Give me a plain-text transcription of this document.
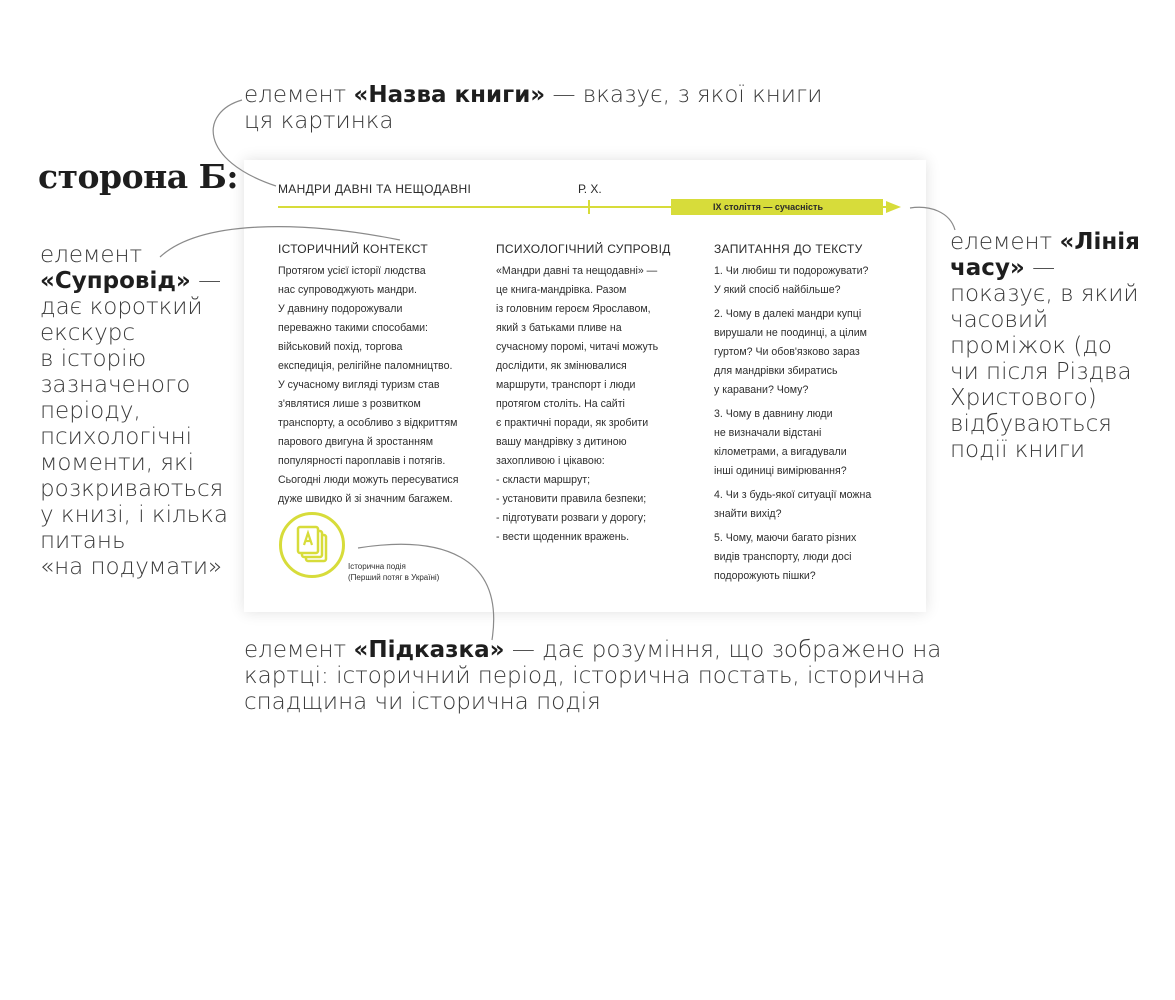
сторона Б:
елемент «Назва книги» — вказує, з якої книги
ця картинка
елемент
«Супровід» —
дає короткий
екскурс
в історію
зазначеного
періоду,
психологічні
моменти, які
розкриваються
у книзі, і кілька
питань
«на подумати»
елемент «Лінія
часу» —
показує, в який
часовий
проміжок (до
чи після Різдва
Христового)
відбуваються
події книги
елемент «Підказка» — дає розуміння, що зображено на
картці: історичний період, історична постать, історична
спадщина чи історична подія
МАНДРИ ДАВНІ ТА НЕЩОДАВНІ	Р. Х.
IX століття — сучасність
ІСТОРИЧНИЙ КОНТЕКСТ
Протягом усієї історії людства
нас супроводжують мандри.
У давнину подорожували
переважно такими способами:
військовий похід, торгова
експедиція, релігійне паломництво.
У сучасному вигляді туризм став
з'являтися лише з розвитком
транспорту, а особливо з відкриттям
парового двигуна й зростанням
популярності пароплавів і потягів.
Сьогодні люди можуть пересуватися
дуже швидко й зі значним багажем.
ПСИХОЛОГІЧНИЙ СУПРОВІД
«Мандри давні та нещодавні» —
це книга-мандрівка. Разом
із головним героєм Ярославом,
який з батьками пливе на
сучасному поромі, читачі можуть
дослідити, як змінювалися
маршрути, транспорт і люди
протягом століть. На сайті
є практичні поради, як зробити
вашу мандрівку з дитиною
захопливою і цікавою:
- скласти маршрут;
- установити правила безпеки;
- підготувати розваги у дорогу;
- вести щоденник вражень.
ЗАПИТАННЯ ДО ТЕКСТУ
1. Чи любиш ти подорожувати?
У який спосіб найбільше?
2. Чому в далекі мандри купці
вирушали не поодинці, а цілим
гуртом? Чи обов'язково зараз
для мандрівки збиратись
у каравани? Чому?
3. Чому в давнину люди
не визначали відстані
кілометрами, а вигадували
інші одиниці вимірювання?
4. Чи з будь-якої ситуації можна
знайти вихід?
5. Чому, маючи багато різних
видів транспорту, люди досі
подорожують пішки?
Історична подія
(Перший потяг в Україні)
